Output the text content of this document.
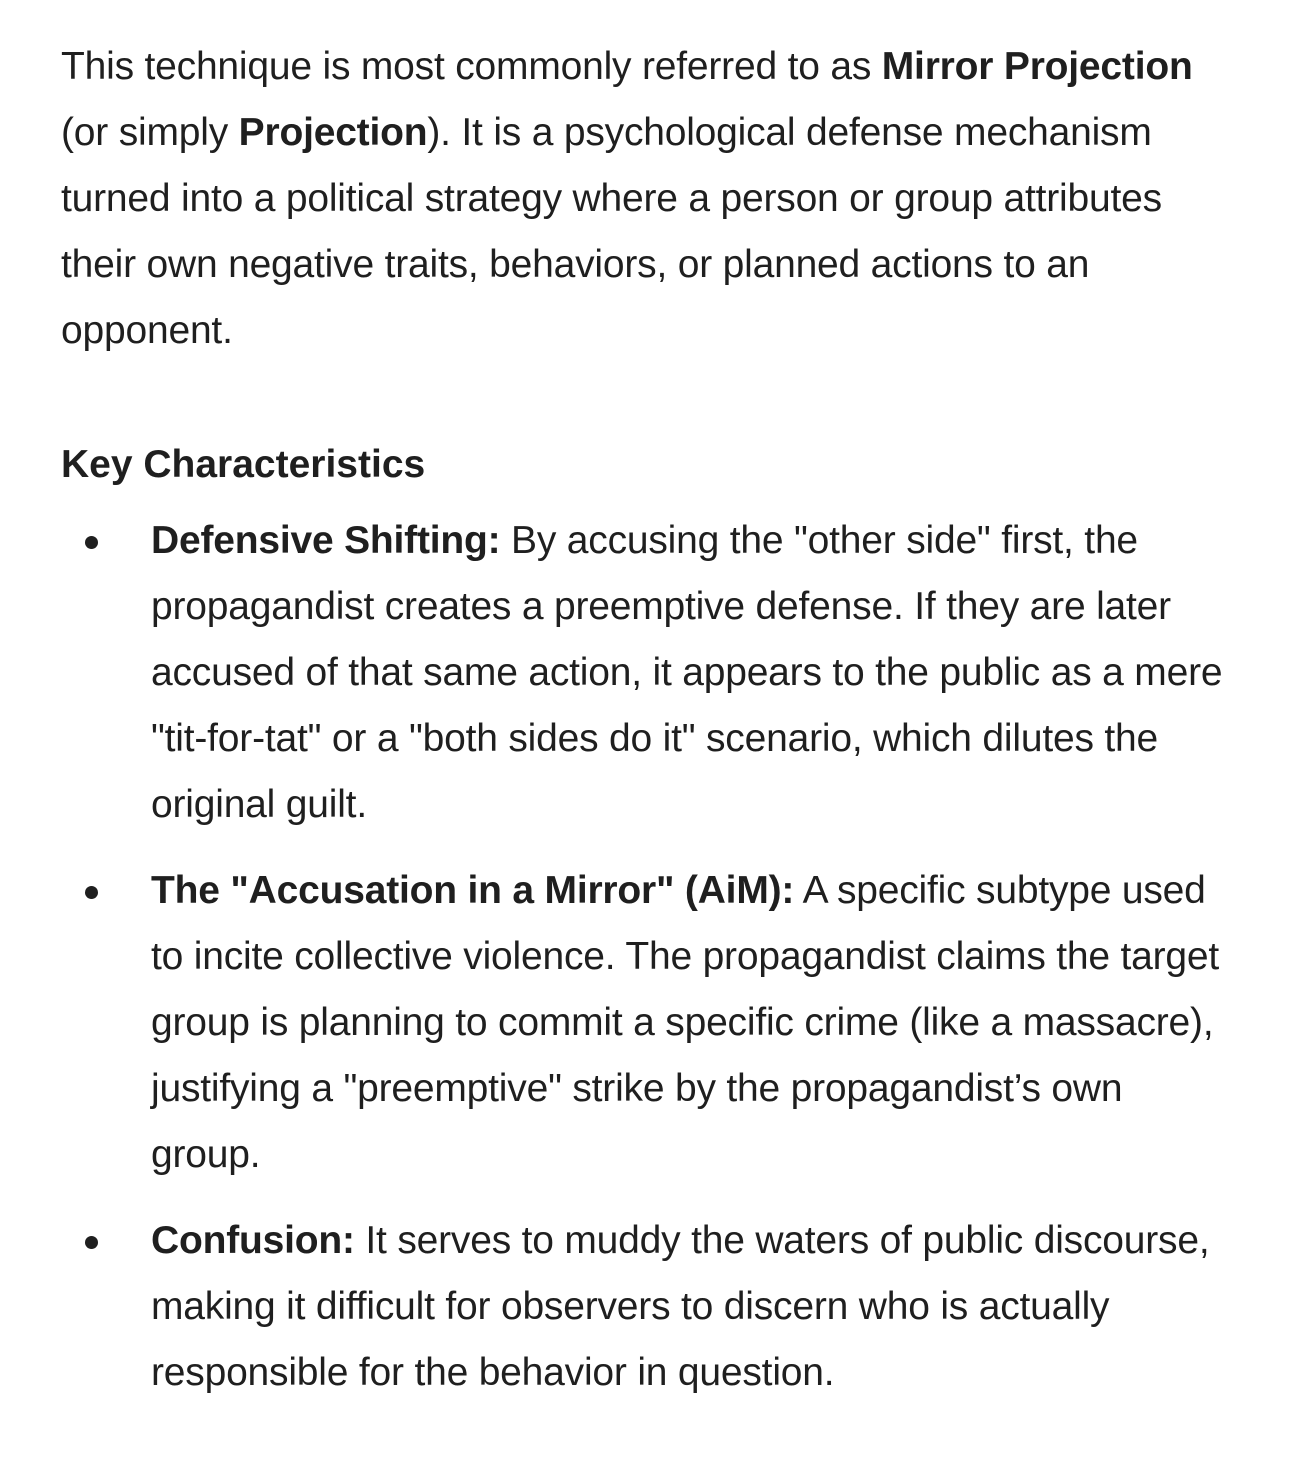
This technique is most commonly referred to as Mirror Projection (or simply Projection). It is a psychological defense mechanism turned into a political strategy where a person or group attributes their own negative traits, behaviors, or planned actions to an opponent.

Key Characteristics
Defensive Shifting: By accusing the "other side" first, the propagandist creates a preemptive defense. If they are later accused of that same action, it appears to the public as a mere "tit-for-tat" or a "both sides do it" scenario, which dilutes the original guilt.
The "Accusation in a Mirror" (AiM): A specific subtype used to incite collective violence. The propagandist claims the target group is planning to commit a specific crime (like a massacre), justifying a "preemptive" strike by the propagandist’s own group.
Confusion: It serves to muddy the waters of public discourse, making it difficult for observers to discern who is actually responsible for the behavior in question.
